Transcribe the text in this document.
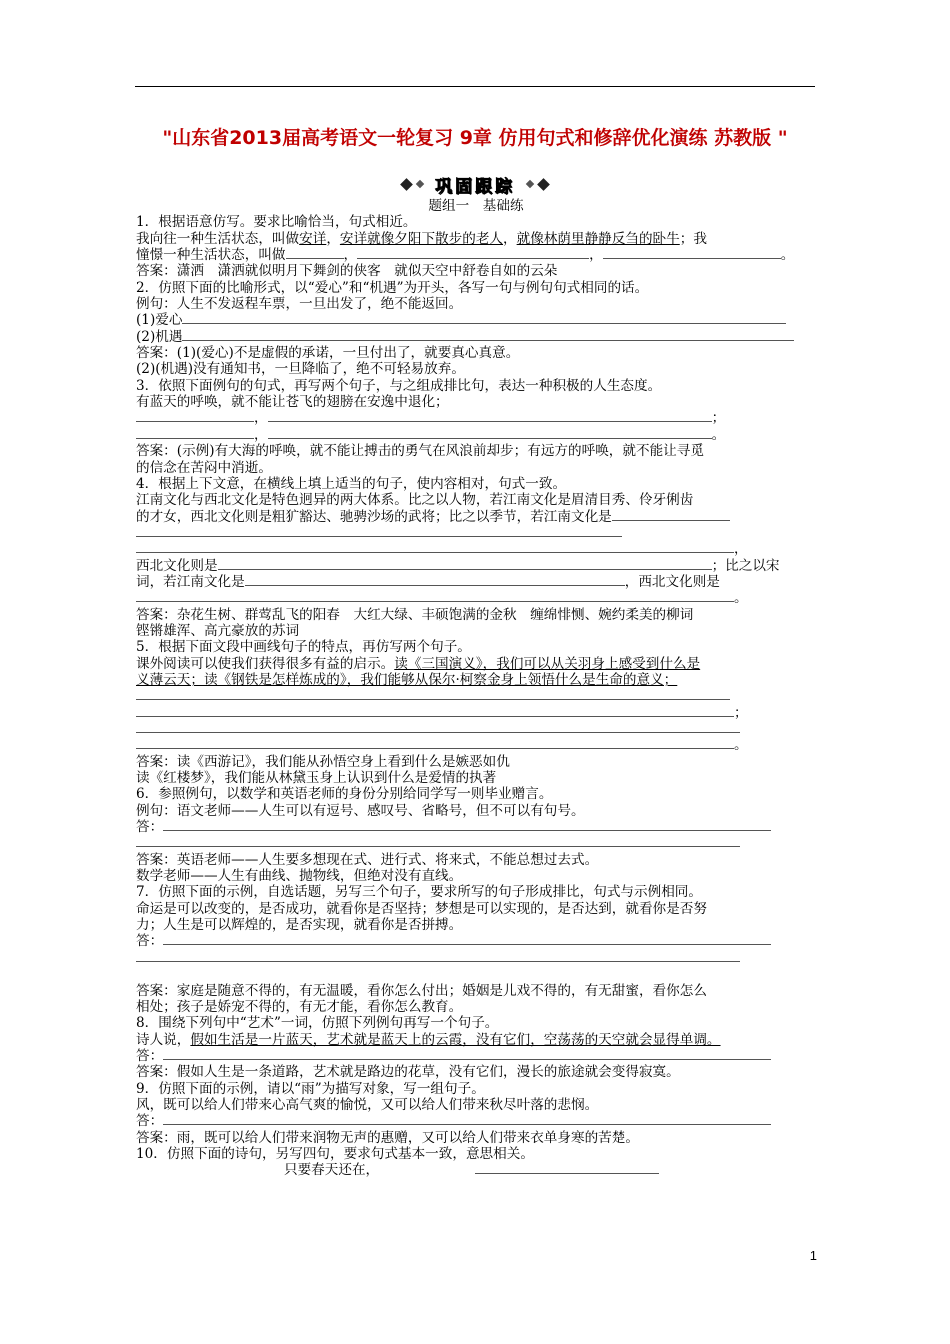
"山东省2013届高考语文一轮复习 9章 仿用句式和修辞优化演练 苏教版 "
巩固跟踪
题组一　基础练
1．根据语意仿写。要求比喻恰当，句式相近。
我向往一种生活状态，叫做安详，安详就像夕阳下散步的老人，就像林荫里静静反刍的卧牛；我
憧憬一种生活状态，叫做	，	，	。
答案：潇洒　潇洒就似明月下舞剑的侠客　就似天空中舒卷自如的云朵
2．仿照下面的比喻形式，以“爱心”和“机遇”为开头，各写一句与例句句式相同的话。
例句：人生不发返程车票，一旦出发了，绝不能返回。
(1)爱心
(2)机遇
答案：(1)(爱心)不是虚假的承诺，一旦付出了，就要真心真意。
(2)(机遇)没有通知书，一旦降临了，绝不可轻易放弃。
3．依照下面例句的句式，再写两个句子，与之组成排比句，表达一种积极的人生态度。
有蓝天的呼唤，就不能让苍飞的翅膀在安逸中退化；
，	；
，	。
答案：(示例)有大海的呼唤，就不能让搏击的勇气在风浪前却步；有远方的呼唤，就不能让寻觅
的信念在苦闷中消逝。
4．根据上下文意，在横线上填上适当的句子，使内容相对，句式一致。
江南文化与西北文化是特色迥异的两大体系。比之以人物，若江南文化是眉清目秀、伶牙俐齿
的才女，西北文化则是粗犷豁达、驰骋沙场的武将；比之以季节，若江南文化是
，
西北文化则是	；比之以宋
词，若江南文化是	，西北文化则是
。
答案：杂花生树、群莺乱飞的阳春　大红大绿、丰硕饱满的金秋　缠绵悱恻、婉约柔美的柳词
铿锵雄浑、高亢豪放的苏词
5．根据下面文段中画线句子的特点，再仿写两个句子。
课外阅读可以使我们获得很多有益的启示。读《三国演义》，我们可以从关羽身上感受到什么是
义薄云天；读《钢铁是怎样炼成的》，我们能够从保尔·柯察金身上领悟什么是生命的意义；
；
。
答案：读《西游记》，我们能从孙悟空身上看到什么是嫉恶如仇
读《红楼梦》，我们能从林黛玉身上认识到什么是爱情的执著
6．参照例句，以数学和英语老师的身份分别给同学写一则毕业赠言。
例句：语文老师——人生可以有逗号、感叹号、省略号，但不可以有句号。
答：
答案：英语老师——人生要多想现在式、进行式、将来式，不能总想过去式。
数学老师——人生有曲线、抛物线，但绝对没有直线。
7．仿照下面的示例，自选话题，另写三个句子，要求所写的句子形成排比，句式与示例相同。
命运是可以改变的，是否成功，就看你是否坚持；梦想是可以实现的，是否达到，就看你是否努
力；人生是可以辉煌的，是否实现，就看你是否拼搏。
答：
答案：家庭是随意不得的，有无温暖，看你怎么付出；婚姻是儿戏不得的，有无甜蜜，看你怎么
相处；孩子是娇宠不得的，有无才能，看你怎么教育。
8．围绕下列句中“艺术”一词，仿照下列例句再写一个句子。
诗人说，假如生活是一片蓝天，艺术就是蓝天上的云霞，没有它们，空荡荡的天空就会显得单调。
答：
答案：假如人生是一条道路，艺术就是路边的花草，没有它们，漫长的旅途就会变得寂寞。
9．仿照下面的示例，请以“雨”为描写对象，写一组句子。
风，既可以给人们带来心高气爽的愉悦，又可以给人们带来秋尽叶落的悲悯。
答：
答案：雨，既可以给人们带来润物无声的惠赠，又可以给人们带来衣单身寒的苦楚。
10．仿照下面的诗句，另写四句，要求句式基本一致，意思相关。
只要春天还在，
1
